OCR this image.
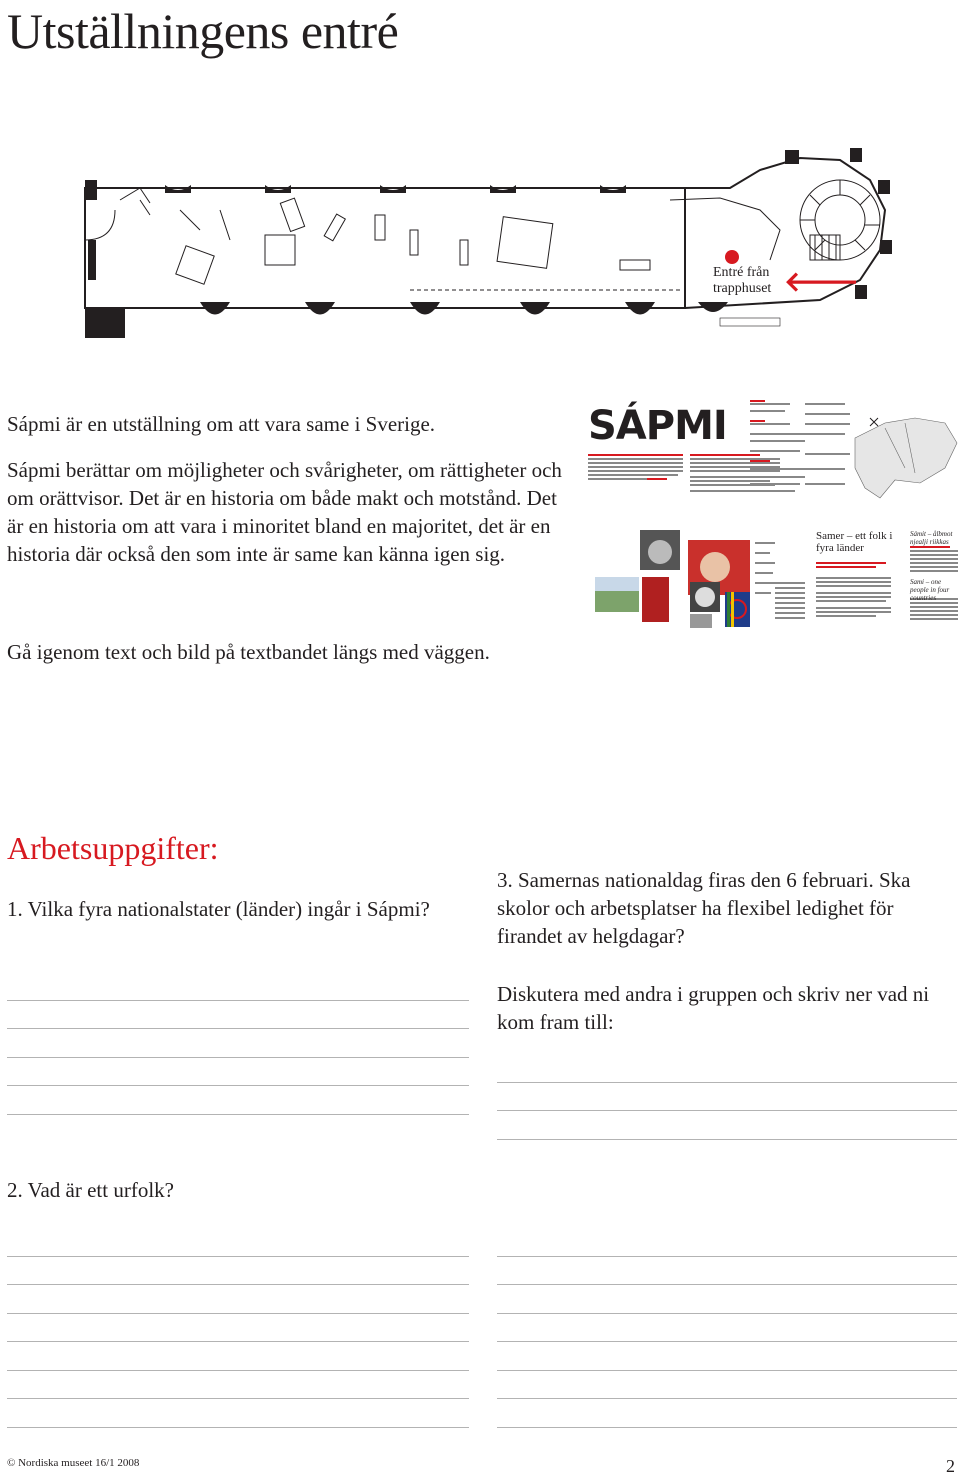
Utställningens entré
Entré från trapphuset 🡐

Sápmi är en utställning om att vara same i Sverige.

Sápmi berättar om möjligheter och svårigheter, om rättigheter och om orättvisor. Det är en historia om både makt och motstånd. Det är en historia om att vara i minoritet bland en majoritet, det är en historia där också den som inte är same kan känna igen sig.

Gå igenom text och bild på textbandet längs med väggen.
SÁPMI
Samer – ett folk i fyra länder
Sámit – ålbmot njealji riikkas
Sami – one people in four countries
Arbetsuppgifter:
1. Vilka fyra nationalstater (länder) ingår i Sápmi?
3. Samernas nationaldag firas den 6 februari. Ska skolor och arbetsplatser ha flexibel ledighet för firandet av helgdagar?
Diskutera med andra i gruppen och skriv ner vad ni kom fram till:
2. Vad är ett urfolk?
© Nordiska museet 16/1 2008	2
